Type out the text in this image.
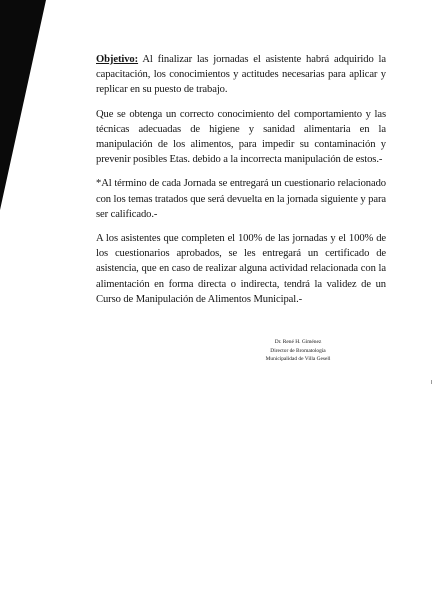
Objetivo: Al finalizar las jornadas el asistente habrá adquirido la capacitación, los conocimientos y actitudes necesarias para aplicar y replicar en su puesto de trabajo.

Que se obtenga un correcto conocimiento del comportamiento y las técnicas adecuadas de higiene y sanidad alimentaria en la manipulación de los alimentos, para impedir su contaminación y prevenir posibles Etas. debido a la incorrecta manipulación de estos.-

*Al término de cada Jornada se entregará un cuestionario relacionado con los temas tratados que será devuelta en la jornada siguiente y para ser calificado.-

A los asistentes que completen el 100% de las jornadas y el 100% de los cuestionarios aprobados, se les entregará un certificado de asistencia, que en caso de realizar alguna actividad relacionada con la alimentación en forma directa o indirecta, tendrá la validez de un Curso de Manipulación de Alimentos Municipal.-

Dr. René H. Giménez
Director de Bromatología
Municipalidad de Villa Gesell
